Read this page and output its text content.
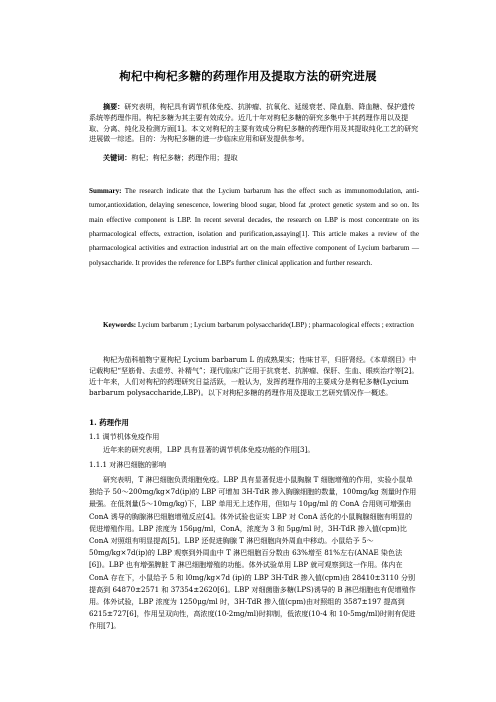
枸杞中枸杞多糖的药理作用及提取方法的研究进展
摘要：研究表明，枸杞具有调节机体免疫、抗肿瘤、抗氧化、延缓衰老、降血脂、降血糖、保护遗传系统等药理作用。枸杞多糖为其主要有效成分。近几十年对枸杞多糖的研究多集中于其药理作用以及提取、分离、纯化及检测方面[1]。本文对枸杞的主要有效成分枸杞多糖的药理作用及其提取纯化工艺的研究进展做一综述。目的：为枸杞多糖的进一步临床应用和研发提供参考。
关键词：枸杞；枸杞多糖；药理作用；提取
Summary: The research indicate that the Lycium barbarum has the effect such as immunomodulation, anti-tumor,antioxidation, delaying senescence, lowering blood sugar, blood fat ,protect genetic system and so on. Its main effective component is LBP. In recent several decades, the research on LBP is most concentrate on its pharmacological effects, extraction, isolation and purification,assaying[1]. This article makes a review of the pharmacological activities and extraction industrial art on the main effective component of Lycium barbarum — polysaccharide. It provides the reference for LBP's further clinical application and further research.
Keywords: Lycium barbarum ; Lycium barbarum polysaccharide(LBP) ; pharmacological effects ; extraction
枸杞为茄科植物宁夏枸杞 Lycium barbarum L 的成熟果实；性味甘平，归肝肾经。《本草纲目》中记载枸杞“坚筋骨、去虚劳、补精气”；现代临床广泛用于抗衰老、抗肿瘤、保肝、生血、眼疾治疗等[2]。近十年来，人们对枸杞的药理研究日益活跃，一般认为，发挥药理作用的主要成分是枸杞多糖(Lycium barbarum polysaccharide,LBP)。以下对枸杞多糖的药理作用及提取工艺研究情况作一概述。
1. 药理作用
1.1 调节机体免疫作用
近年来的研究表明，LBP 具有显著的调节机体免疫功能的作用[3]。
1.1.1 对淋巴细胞的影响
研究表明，T 淋巴细胞负责细胞免疫。LBP 具有显著促进小鼠胸腺 T 细胞增殖的作用，实验小鼠单独给予 50～200mg/kg×7d(ip)的 LBP 可增加 3H-TdR 掺入胸腺细胞的数量，100mg/kg 剂量时作用最强。在低剂量(5～10mg/kg)下，LBP 单用无上述作用，但如与 10μg/ml 的 ConA 合用则可增强由 ConA 诱导的胸腺淋巴细胞增殖反应[4]。体外试验也证实 LBP 对 ConA 活化的小鼠胸腺细胞有明显的促进增殖作用。LBP 浓度为 156μg/ml，ConA，浓度为 3 和 5μg/ml 时，3H-TdR 掺入值(cpm)比 ConA 对照组有明显提高[5]。LBP 还促进胸腺 T 淋巴细胞向外周血中移动。小鼠给予 5～50mg/kg×7d(ip)的 LBP 观察到外周血中 T 淋巴细胞百分数由 63%增至 81%左右(ANAE 染色法[6])。LBP 也有增强脾脏 T 淋巴细胞增殖的功能。体外试验单用 LBP 就可观察到这一作用。体内在 ConA 存在下，小鼠给予 5 和 l0mg/kg×7d (ip)的 LBP 3H-TdR 掺入值(cpm)由 28410±3110 分别提高到 64870±2571 和 37354±2620[6]。LBP 对细菌脂多糖(LPS)诱导的 B 淋巴细胞也有促增殖作用。体外试验，LBP 浓度为 1250μg/ml 时，3H-TdR 掺入值(cpm)由对照组的 3587±197 提高到 6215±727[6]，作用呈双向性，高浓度(10-2mg/ml)时抑制，低浓度(10-4 和 10-5mg/ml)时则有促进作用[7]。
